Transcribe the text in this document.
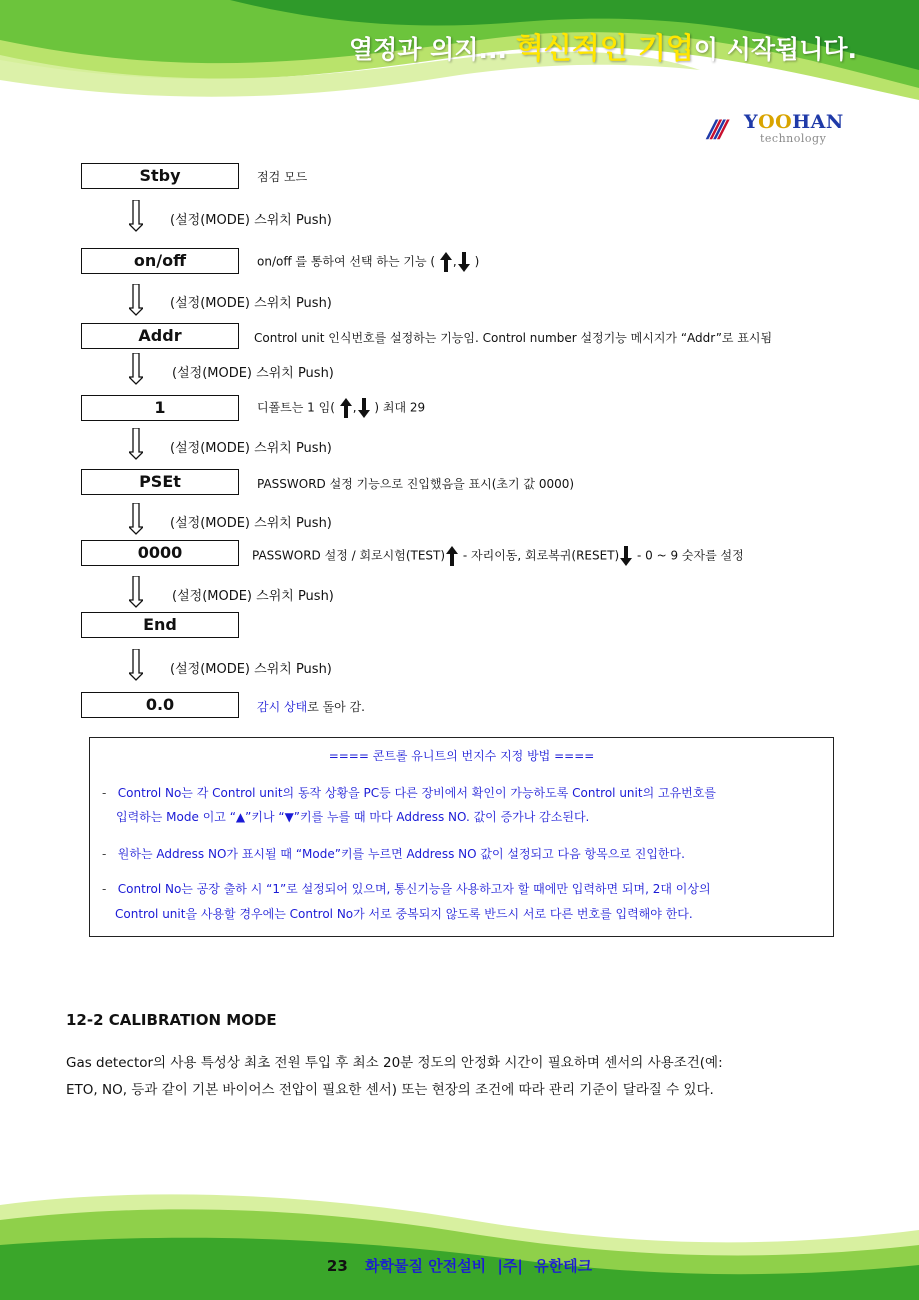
열정과 의지... 혁신적인 기업이 시작됩니다.
//// YOOHAN
technology
Stby	점검 모드
(설정(MODE) 스위치 Push)
on/off	on/off 를 통하여 선택 하는 기능 ( , )
(설정(MODE) 스위치 Push)
Addr	Control unit 인식번호를 설정하는 기능임. Control number 설정기능 메시지가 “Addr”로 표시됨
(설정(MODE) 스위치 Push)
1	디폴트는 1 임( , ) 최대 29
(설정(MODE) 스위치 Push)
PSEt	PASSWORD 설정 기능으로 진입했음을 표시(초기 값 0000)
(설정(MODE) 스위치 Push)
0000	PASSWORD 설정 / 회로시험(TEST) - 자리이동, 회로복귀(RESET) - 0 ~ 9 숫자를 설정
(설정(MODE) 스위치 Push)
End
(설정(MODE) 스위치 Push)
0.0	감시 상태로 돌아 감.
==== 콘트롤 유니트의 번지수 지정 방법 ====
- Control No는 각 Control unit의 동작 상황을 PC등 다른 장비에서 확인이 가능하도록 Control unit의 고유번호를
입력하는 Mode 이고 “▲”키나 “▼”키를 누를 때 마다 Address NO. 값이 증가나 감소된다.
- 원하는 Address NO가 표시될 때 “Mode”키를 누르면 Address NO 값이 설정되고 다음 항목으로 진입한다.
- Control No는 공장 출하 시 “1”로 설정되어 있으며, 통신기능을 사용하고자 할 때에만 입력하면 되며, 2대 이상의
Control unit을 사용할 경우에는 Control No가 서로 중복되지 않도록 반드시 서로 다른 번호를 입력해야 한다.
12-2 CALIBRATION MODE
Gas detector의 사용 특성상 최초 전원 투입 후 최소 20분 정도의 안정화 시간이 필요하며 센서의 사용조건(예:
ETO, NO, 등과 같이 기본 바이어스 전압이 필요한 센서) 또는 현장의 조건에 따라 관리 기준이 달라질 수 있다.
23 화학물질 안전설비 |주| 유한테크
